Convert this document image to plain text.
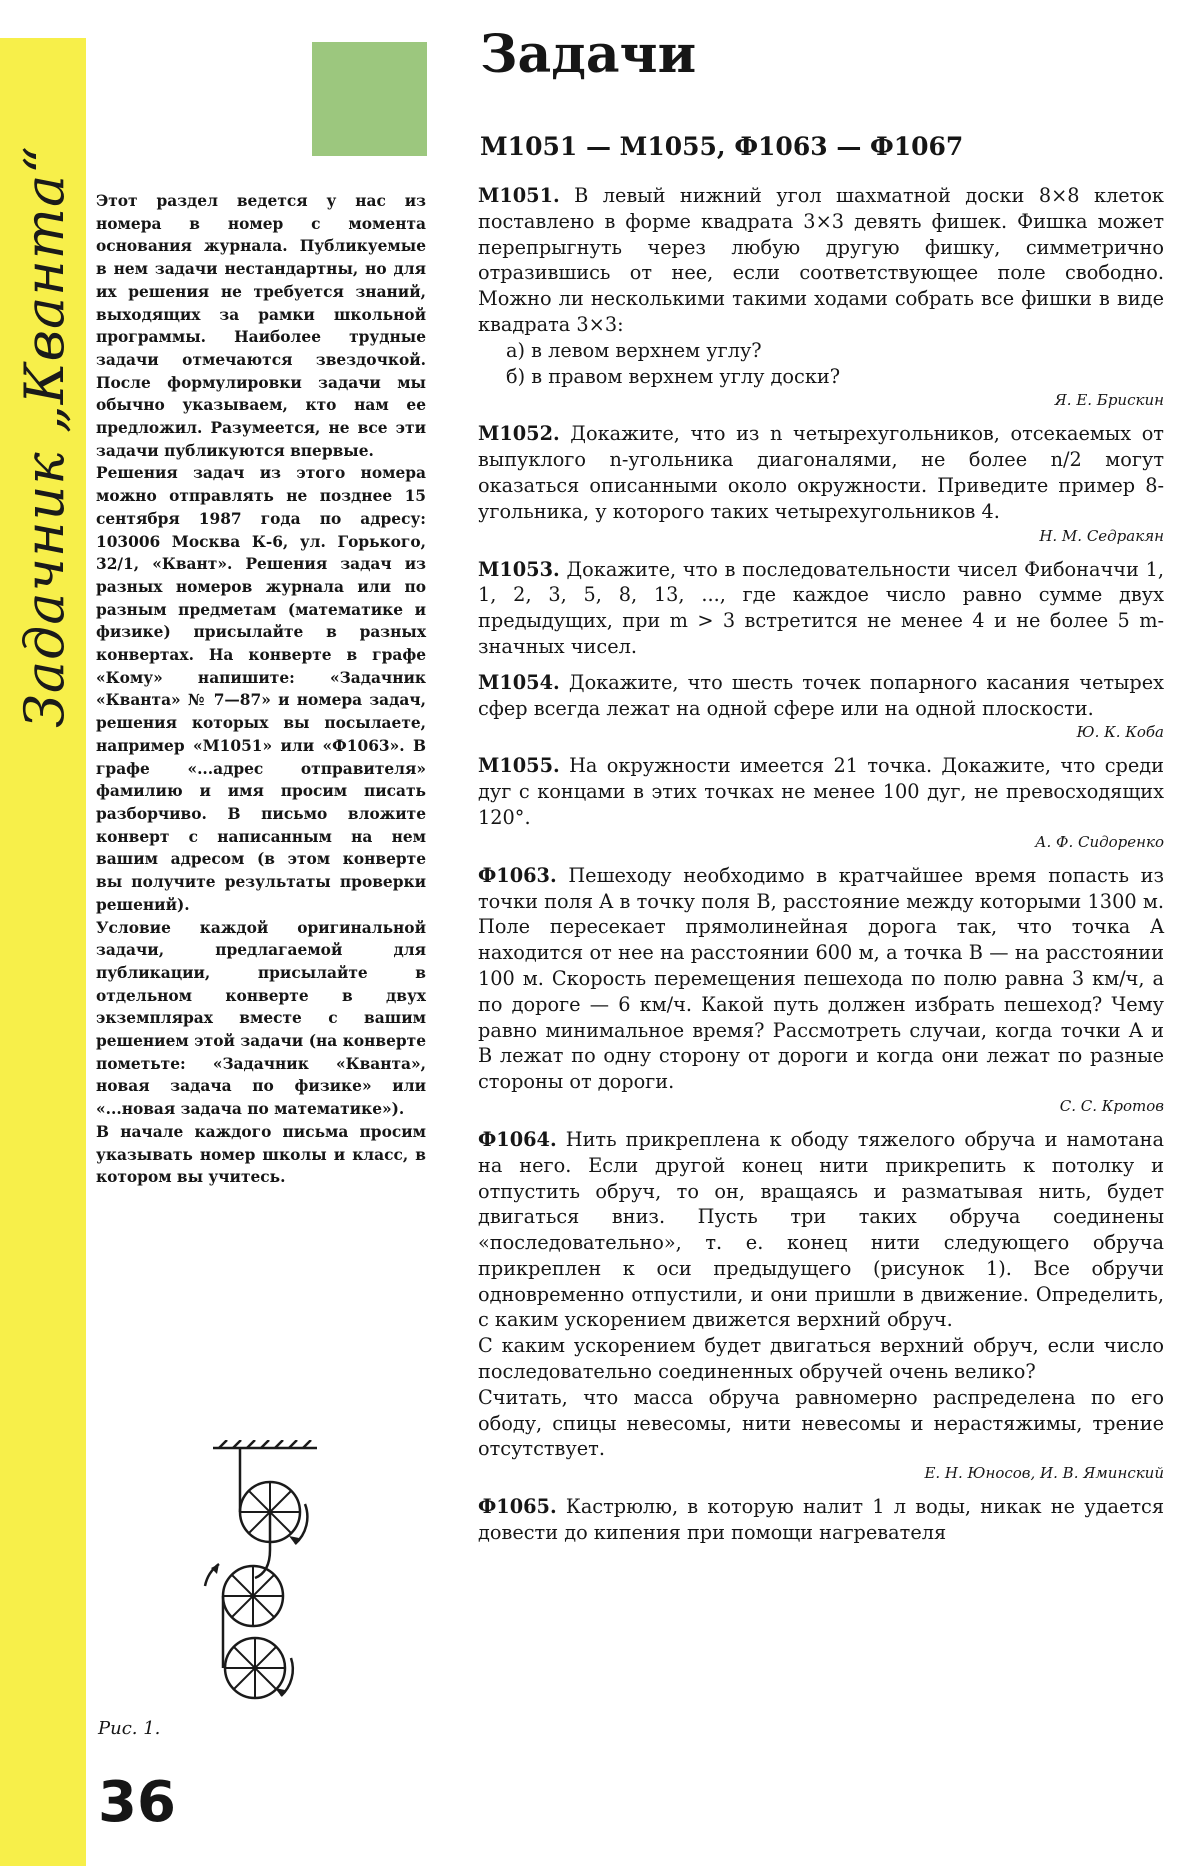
Задачник „Кванта“
Задачи
М1051 — М1055, Ф1063 — Ф1067

Этот раздел ведется у нас из номера в номер с момента основания журнала. Публикуемые в нем задачи нестандартны, но для их решения не требуется знаний, выходящих за рамки школьной программы. Наиболее трудные задачи отмечаются звездочкой. После формулировки задачи мы обычно указываем, кто нам ее предложил. Разумеется, не все эти задачи публикуются впервые.

Решения задач из этого номера можно отправлять не позднее 15 сентября 1987 года по адресу: 103006 Москва К-6, ул. Горького, 32/1, «Квант». Решения задач из разных номеров журнала или по разным предметам (математике и физике) присылайте в разных конвертах. На конверте в графе «Кому» напишите: «Задачник «Кванта» № 7—87» и номера задач, решения которых вы посылаете, например «М1051» или «Ф1063». В графе «...адрес отправителя» фамилию и имя просим писать разборчиво. В письмо вложите конверт с написанным на нем вашим адресом (в этом конверте вы получите результаты проверки решений).

Условие каждой оригинальной задачи, предлагаемой для публикации, присылайте в отдельном конверте в двух экземплярах вместе с вашим решением этой задачи (на конверте пометьте: «Задачник «Кванта», новая задача по физике» или «...новая задача по математике»).

В начале каждого письма просим указывать номер школы и класс, в котором вы учитесь.

М1051. В левый нижний угол шахматной доски 8×8 клеток поставлено в форме квадрата 3×3 девять фишек. Фишка может перепрыгнуть через любую другую фишку, симметрично отразившись от нее, если соответствующее поле свободно. Можно ли несколькими такими ходами собрать все фишки в виде квадрата 3×3:

а) в левом верхнем углу?

б) в правом верхнем углу доски?

Я. Е. Брискин

М1052. Докажите, что из n четырехугольников, отсекаемых от выпуклого n-угольника диагоналями, не более n/2 могут оказаться описанными около окружности. Приведите пример 8-угольника, у которого таких четырехугольников 4.

Н. М. Седракян

М1053. Докажите, что в последовательности чисел Фибоначчи 1, 1, 2, 3, 5, 8, 13, ..., где каждое число равно сумме двух предыдущих, при m > 3 встретится не менее 4 и не более 5 m-значных чисел.

М1054. Докажите, что шесть точек попарного касания четырех сфер всегда лежат на одной сфере или на одной плоскости.

Ю. К. Коба

М1055. На окружности имеется 21 точка. Докажите, что среди дуг с концами в этих точках не менее 100 дуг, не превосходящих 120°.

А. Ф. Сидоренко

Ф1063. Пешеходу необходимо в кратчайшее время попасть из точки поля A в точку поля B, расстояние между которыми 1300 м. Поле пересекает прямолинейная дорога так, что точка A находится от нее на расстоянии 600 м, а точка B — на расстоянии 100 м. Скорость перемещения пешехода по полю равна 3 км/ч, а по дороге — 6 км/ч. Какой путь должен избрать пешеход? Чему равно минимальное время? Рассмотреть случаи, когда точки A и B лежат по одну сторону от дороги и когда они лежат по разные стороны от дороги.

С. С. Кротов

Ф1064. Нить прикреплена к ободу тяжелого обруча и намотана на него. Если другой конец нити прикрепить к потолку и отпустить обруч, то он, вращаясь и разматывая нить, будет двигаться вниз. Пусть три таких обруча соединены «последовательно», т. е. конец нити следующего обруча прикреплен к оси предыдущего (рисунок 1). Все обручи одновременно отпустили, и они пришли в движение. Определить, с каким ускорением движется верхний обруч.

С каким ускорением будет двигаться верхний обруч, если число последовательно соединенных обручей очень велико?

Считать, что масса обруча равномерно распределена по его ободу, спицы невесомы, нити невесомы и нерастяжимы, трение отсутствует.

Е. Н. Юносов, И. В. Яминский

Ф1065. Кастрюлю, в которую налит 1 л воды, никак не удается довести до кипения при помощи нагревателя

Рис. 1.

36
